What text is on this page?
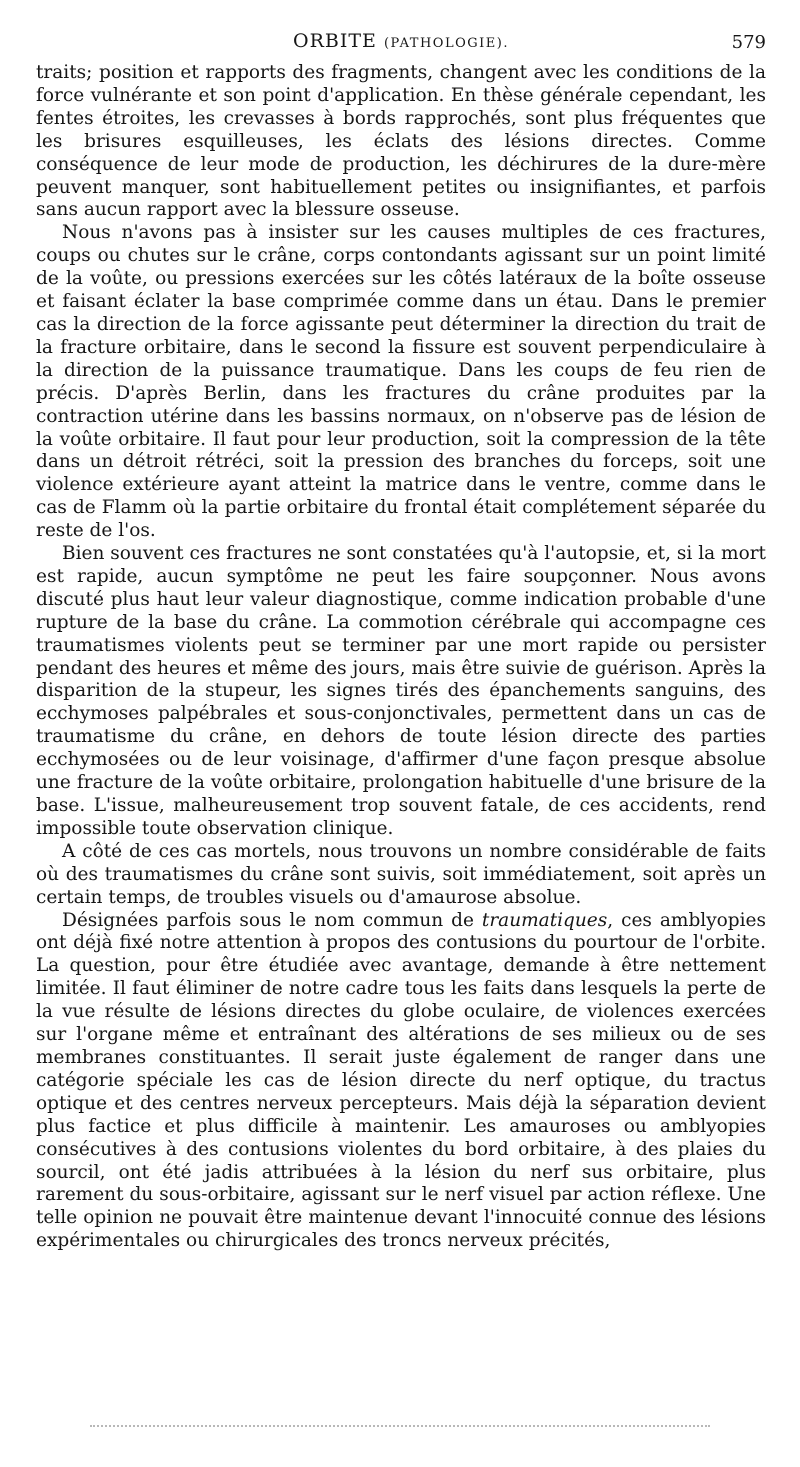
ORBITE (PATHOLOGIE).	579

traits; position et rapports des fragments, changent avec les conditions de la force vulnérante et son point d'application. En thèse générale cependant, les fentes étroites, les crevasses à bords rapprochés, sont plus fréquentes que les brisures esquilleuses, les éclats des lésions directes. Comme conséquence de leur mode de production, les déchirures de la dure-mère peuvent manquer, sont habituellement petites ou insignifiantes, et parfois sans aucun rapport avec la blessure osseuse.

Nous n'avons pas à insister sur les causes multiples de ces fractures, coups ou chutes sur le crâne, corps contondants agissant sur un point limité de la voûte, ou pressions exercées sur les côtés latéraux de la boîte osseuse et faisant éclater la base comprimée comme dans un étau. Dans le premier cas la direction de la force agissante peut déterminer la direction du trait de la fracture orbitaire, dans le second la fissure est souvent perpendiculaire à la direction de la puissance traumatique. Dans les coups de feu rien de précis. D'après Berlin, dans les fractures du crâne produites par la contraction utérine dans les bassins normaux, on n'observe pas de lésion de la voûte orbitaire. Il faut pour leur production, soit la compression de la tête dans un détroit rétréci, soit la pression des branches du forceps, soit une violence extérieure ayant atteint la matrice dans le ventre, comme dans le cas de Flamm où la partie orbitaire du frontal était complétement séparée du reste de l'os.

Bien souvent ces fractures ne sont constatées qu'à l'autopsie, et, si la mort est rapide, aucun symptôme ne peut les faire soupçonner. Nous avons discuté plus haut leur valeur diagnostique, comme indication probable d'une rupture de la base du crâne. La commotion cérébrale qui accompagne ces traumatismes violents peut se terminer par une mort rapide ou persister pendant des heures et même des jours, mais être suivie de guérison. Après la disparition de la stupeur, les signes tirés des épanchements sanguins, des ecchymoses palpébrales et sous-conjonctivales, permettent dans un cas de traumatisme du crâne, en dehors de toute lésion directe des parties ecchymosées ou de leur voisinage, d'affirmer d'une façon presque absolue une fracture de la voûte orbitaire, prolongation habituelle d'une brisure de la base. L'issue, malheureusement trop souvent fatale, de ces accidents, rend impossible toute observation clinique.

A côté de ces cas mortels, nous trouvons un nombre considérable de faits où des traumatismes du crâne sont suivis, soit immédiatement, soit après un certain temps, de troubles visuels ou d'amaurose absolue.

Désignées parfois sous le nom commun de traumatiques, ces amblyopies ont déjà fixé notre attention à propos des contusions du pourtour de l'orbite. La question, pour être étudiée avec avantage, demande à être nettement limitée. Il faut éliminer de notre cadre tous les faits dans lesquels la perte de la vue résulte de lésions directes du globe oculaire, de violences exercées sur l'organe même et entraînant des altérations de ses milieux ou de ses membranes constituantes. Il serait juste également de ranger dans une catégorie spéciale les cas de lésion directe du nerf optique, du tractus optique et des centres nerveux percepteurs. Mais déjà la séparation devient plus factice et plus difficile à maintenir. Les amauroses ou amblyopies consécutives à des contusions violentes du bord orbitaire, à des plaies du sourcil, ont été jadis attribuées à la lésion du nerf sus orbitaire, plus rarement du sous-orbitaire, agissant sur le nerf visuel par action réflexe. Une telle opinion ne pouvait être maintenue devant l'innocuité connue des lésions expérimentales ou chirurgicales des troncs nerveux précités,
